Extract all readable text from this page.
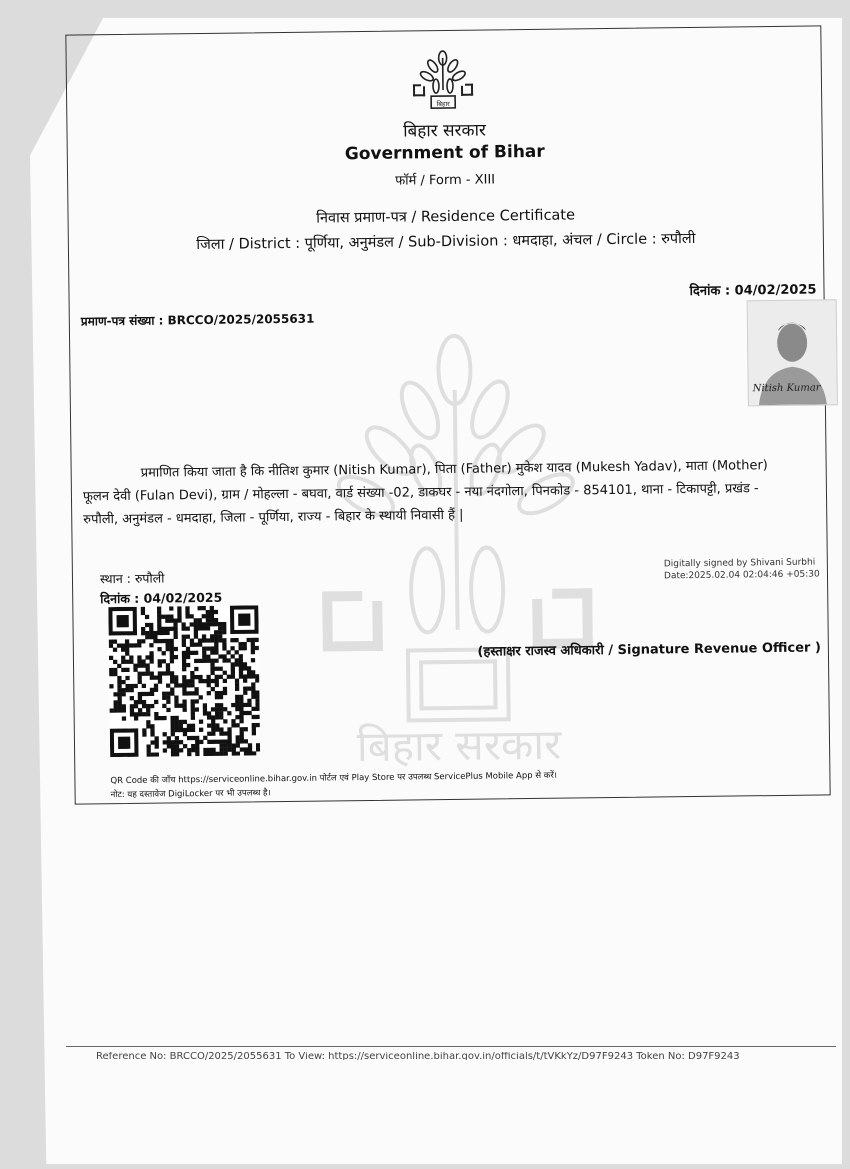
बिहार सरकार
बिहार
बिहार सरकार
Government of Bihar
फॉर्म / Form - XIII
निवास प्रमाण-पत्र / Residence Certificate
जिला / District : पूर्णिया, अनुमंडल / Sub-Division : धमदाहा, अंचल / Circle : रुपौली
दिनांक : 04/02/2025
प्रमाण-पत्र संख्या : BRCCO/2025/2055631
Nitish Kumar
प्रमाणित किया जाता है कि नीतिश कुमार (Nitish Kumar), पिता (Father) मुकेश यादव (Mukesh Yadav), माता (Mother)
फूलन देवी (Fulan Devi), ग्राम / मोहल्ला - बघवा, वार्ड संख्या -02, डाकघर - नया नंदगोला, पिनकोड - 854101, थाना - टिकापट्टी, प्रखंड -
रुपौली, अनुमंडल - धमदाहा, जिला - पूर्णिया, राज्य - बिहार के स्थायी निवासी हैं |
स्थान : रुपौली
दिनांक : 04/02/2025
Digitally signed by Shivani Surbhi
Date:2025.02.04 02:04:46 +05:30
(हस्ताक्षर राजस्व अधिकारी / Signature Revenue Officer )
QR Code की जाँच https://serviceonline.bihar.gov.in पोर्टल एवं Play Store पर उपलब्ध ServicePlus Mobile App से करें।
नोट: यह दस्तावेज DigiLocker पर भी उपलब्ध है।
Reference No: BRCCO/2025/2055631 To View: https://serviceonline.bihar.gov.in/officials/t/tVKkYz/D97F9243 Token No: D97F9243
